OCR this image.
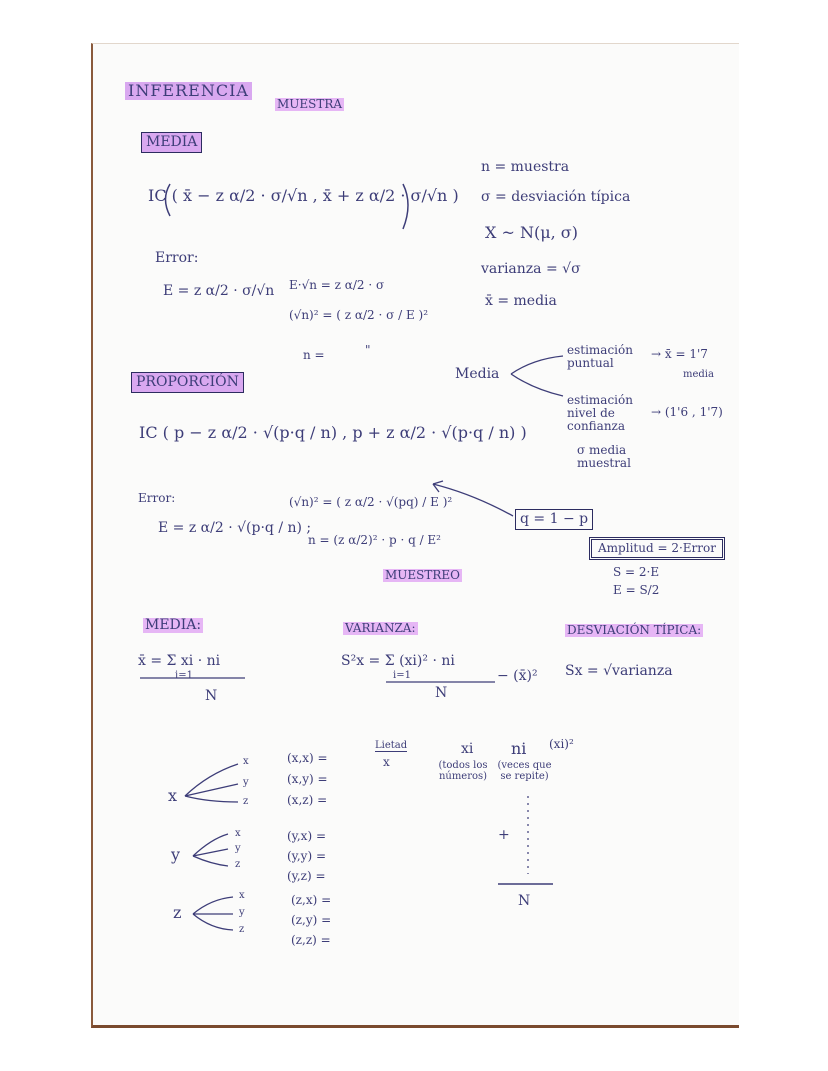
INFERENCIA
MUESTRA
MEDIA
IC ( x̄ − z α/2 · σ/√n , x̄ + z α/2 · σ/√n )
Error:
E = z α/2 · σ/√n E·√n = z α/2 · σ
(√n)² = ( z α/2 · σ / E )²
n =	"
n = muestra
σ = desviación típica
X ~ N(μ, σ)
varianza = √σ
x̄ = media
Media
estimación puntual
→ x̄ = 1'7
media
estimación nivel de confianza
→ (1'6 , 1'7)
σ media muestral
PROPORCIÓN
IC ( p − z α/2 · √(p·q / n) , p + z α/2 · √(p·q / n) )
Error:
E = z α/2 · √(p·q / n) ;
(√n)² = ( z α/2 · √(pq) / E )²
n = (z α/2)² · p · q / E²
q = 1 − p
Amplitud = 2·Error
S = 2·E
E = S/2
MUESTREO
MEDIA:
x̄ = Σ xi · ni
i=1
N
VARIANZA:
S²x = Σ (xi)² · ni
i=1
N
− (x̄)²
DESVIACIÓN TÍPICA:
Sx = √varianza
x
x
y
z
(x,x) =
(x,y) =
(x,z) =
y
x
y
z
(y,x) =
(y,y) =
(y,z) =
z
x
y
z
(z,x) =
(z,y) =
(z,z) =
Lietad
x
xi
(todos los números)
ni
(veces que se repite)
(xi)²
+
N
